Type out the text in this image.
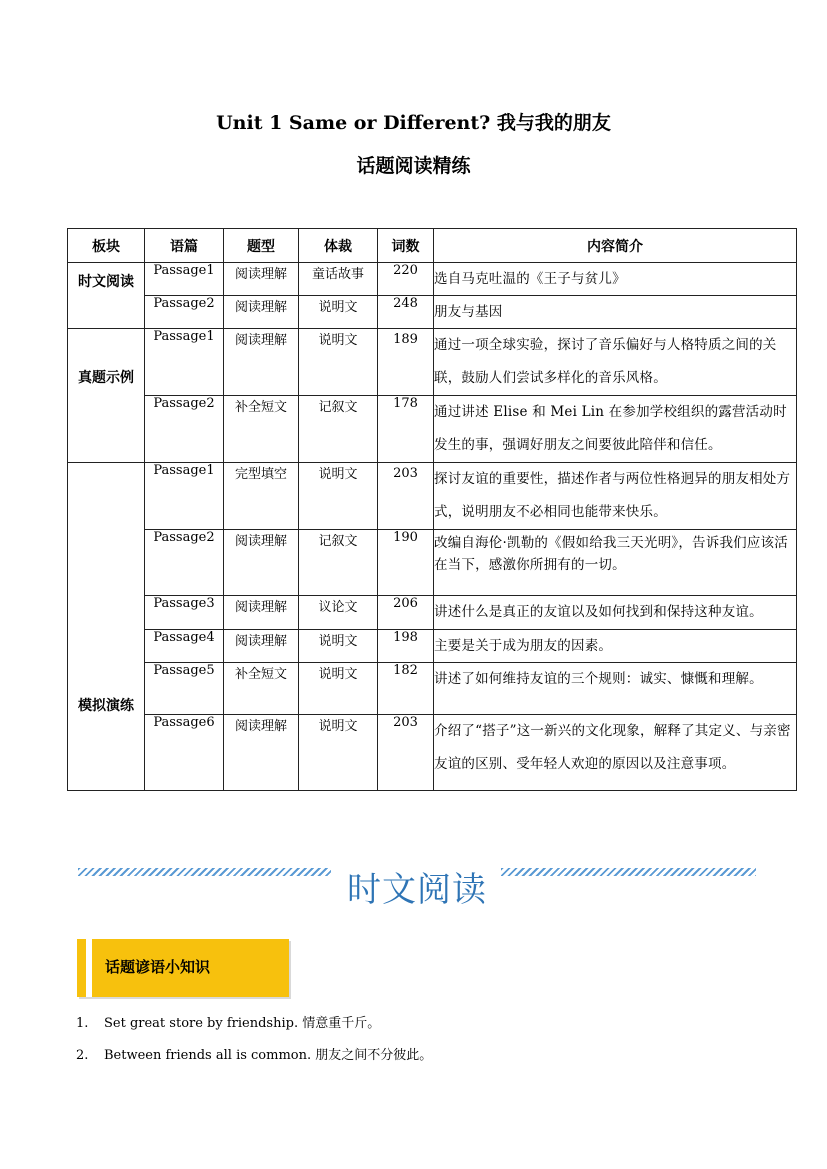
Unit 1 Same or Different? 我与我的朋友
话题阅读精练
板块	语篇	题型	体裁	词数	内容简介
时文阅读	Passage1	阅读理解	童话故事	220	选自马克吐温的《王子与贫儿》
	Passage2	阅读理解	说明文	248	朋友与基因
真题示例	Passage1	阅读理解	说明文	189	通过一项全球实验，探讨了音乐偏好与人格特质之间的关联，鼓励人们尝试多样化的音乐风格。
	Passage2	补全短文	记叙文	178	通过讲述 Elise 和 Mei Lin 在参加学校组织的露营活动时发生的事，强调好朋友之间要彼此陪伴和信任。
模拟演练	Passage1	完型填空	说明文	203	探讨友谊的重要性，描述作者与两位性格迥异的朋友相处方式，说明朋友不必相同也能带来快乐。
	Passage2	阅读理解	记叙文	190	改编自海伦·凯勒的《假如给我三天光明》，告诉我们应该活在当下，感激你所拥有的一切。
	Passage3	阅读理解	议论文	206	讲述什么是真正的友谊以及如何找到和保持这种友谊。
	Passage4	阅读理解	说明文	198	主要是关于成为朋友的因素。
	Passage5	补全短文	说明文	182	讲述了如何维持友谊的三个规则：诚实、慷慨和理解。
	Passage6	阅读理解	说明文	203	介绍了“搭子”这一新兴的文化现象，解释了其定义、与亲密友谊的区别、受年轻人欢迎的原因以及注意事项。
时文阅读
话题谚语小知识
1. Set great store by friendship. 情意重千斤。
2. Between friends all is common. 朋友之间不分彼此。
